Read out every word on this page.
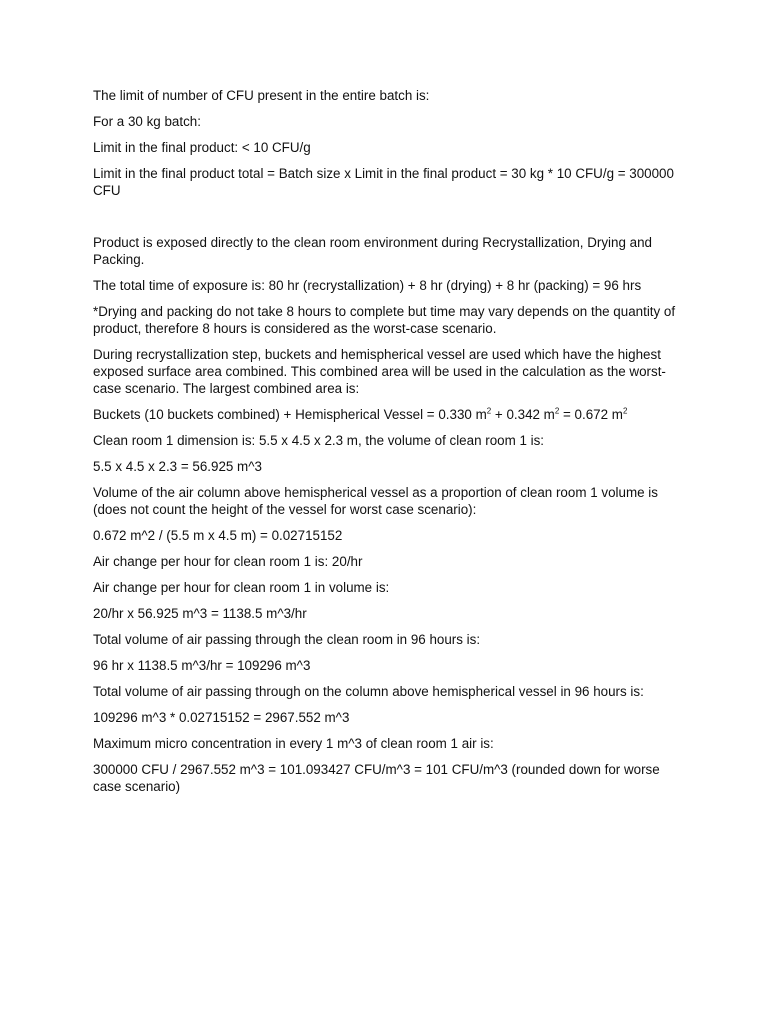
The limit of number of CFU present in the entire batch is:

For a 30 kg batch:

Limit in the final product: < 10 CFU/g

Limit in the final product total = Batch size x Limit in the final product = 30 kg * 10 CFU/g = 300000 CFU

Product is exposed directly to the clean room environment during Recrystallization, Drying and Packing.

The total time of exposure is: 80 hr (recrystallization) + 8 hr (drying) + 8 hr (packing) = 96 hrs

*Drying and packing do not take 8 hours to complete but time may vary depends on the quantity of product, therefore 8 hours is considered as the worst-case scenario.

During recrystallization step, buckets and hemispherical vessel are used which have the highest exposed surface area combined. This combined area will be used in the calculation as the worst-case scenario. The largest combined area is:

Buckets (10 buckets combined) + Hemispherical Vessel = 0.330 $m^2 + 0.342$ $m^2 = 0.672$ $m^2$

Clean room 1 dimension is: 5.5 x 4.5 x 2.3 m, the volume of clean room 1 is:

5.5 x 4.5 x 2.3 = 56.925 m^3

Volume of the air column above hemispherical vessel as a proportion of clean room 1 volume is (does not count the height of the vessel for worst case scenario):

0.672 m^2 / (5.5 m x 4.5 m) = 0.02715152

Air change per hour for clean room 1 is: 20/hr

Air change per hour for clean room 1 in volume is:

20/hr x 56.925 m^3 = 1138.5 m^3/hr

Total volume of air passing through the clean room in 96 hours is:

96 hr x 1138.5 m^3/hr = 109296 m^3

Total volume of air passing through on the column above hemispherical vessel in 96 hours is:

109296 m^3 * 0.02715152 = 2967.552 m^3

Maximum micro concentration in every 1 m^3 of clean room 1 air is:

300000 CFU / 2967.552 m^3 = 101.093427 CFU/m^3 = 101 CFU/m^3 (rounded down for worse case scenario)
